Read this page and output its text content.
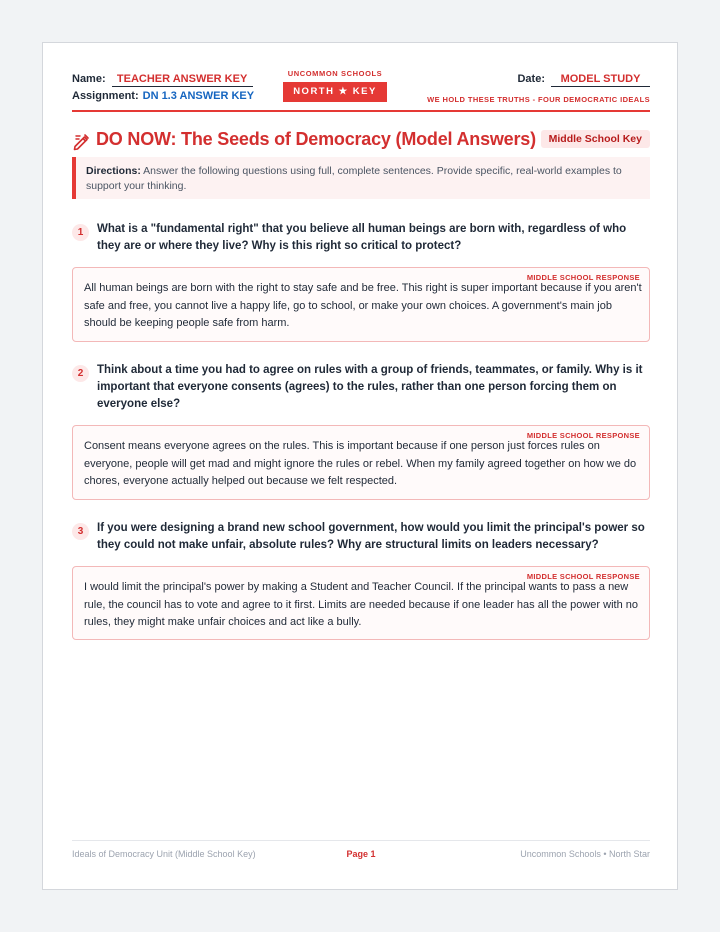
Name: TEACHER ANSWER KEY
Assignment: DN 1.3 ANSWER KEY
UNCOMMON SCHOOLS
NORTH ★ KEY
Date: MODEL STUDY
WE HOLD THESE TRUTHS - FOUR DEMOCRATIC IDEALS
DO NOW: The Seeds of Democracy (Model Answers)	Middle School Key
Directions: Answer the following questions using full, complete sentences. Provide specific, real-world examples to support your thinking.
1	What is a "fundamental right" that you believe all human beings are born with, regardless of who they are or where they live? Why is this right so critical to protect?
MIDDLE SCHOOL RESPONSE
All human beings are born with the right to stay safe and be free. This right is super important because if you aren't safe and free, you cannot live a happy life, go to school, or make your own choices. A government's main job should be keeping people safe from harm.
2	Think about a time you had to agree on rules with a group of friends, teammates, or family. Why is it important that everyone consents (agrees) to the rules, rather than one person forcing them on everyone else?
MIDDLE SCHOOL RESPONSE
Consent means everyone agrees on the rules. This is important because if one person just forces rules on everyone, people will get mad and might ignore the rules or rebel. When my family agreed together on how we do chores, everyone actually helped out because we felt respected.
3	If you were designing a brand new school government, how would you limit the principal's power so they could not make unfair, absolute rules? Why are structural limits on leaders necessary?
MIDDLE SCHOOL RESPONSE
I would limit the principal's power by making a Student and Teacher Council. If the principal wants to pass a new rule, the council has to vote and agree to it first. Limits are needed because if one leader has all the power with no rules, they might make unfair choices and act like a bully.
Ideals of Democracy Unit (Middle School Key)	Page 1	Uncommon Schools • North Star
